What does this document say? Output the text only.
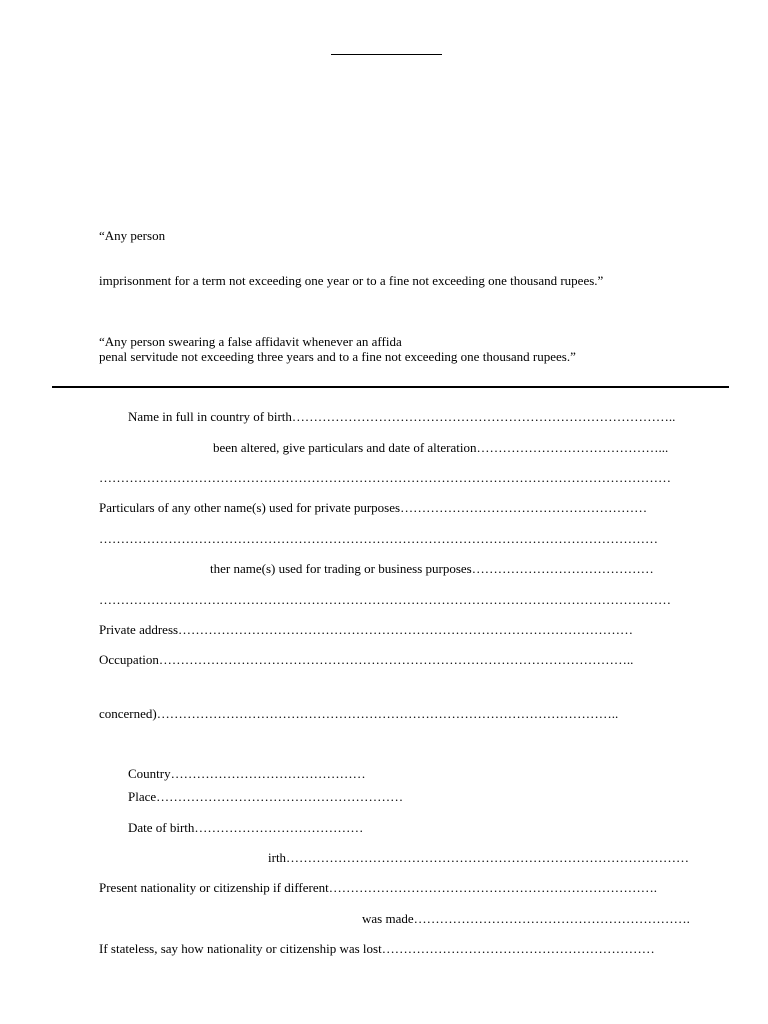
“Any person
imprisonment for a term not exceeding one year or to a fine not exceeding one thousand rupees.”
“Any person swearing a false affidavit whenever an affida
penal servitude not exceeding three years and to a fine not exceeding one thousand rupees.”
Name in full in country of birth……………………………………………………………………………..
been altered, give particulars and date of alteration……………………………………...
……………………………………………………………………………………………………………………
Particulars of any other name(s) used for private purposes…………………………………………………
…………………………………………………………………………………………………………………
ther name(s) used for trading or business purposes……………………………………
……………………………………………………………………………………………………………………
Private address……………………………………………………………………………………………
Occupation………………………………………………………………………………………………..
concerned)……………………………………………………………………………………………..
Country………………………………………
Place…………………………………………………
Date of birth…………………………………
irth…………………………………………………………………………………
Present nationality or citizenship if different………………………………………………………………….
was made……………………………………………………….
If stateless, say how nationality or citizenship was lost………………………………………………………
